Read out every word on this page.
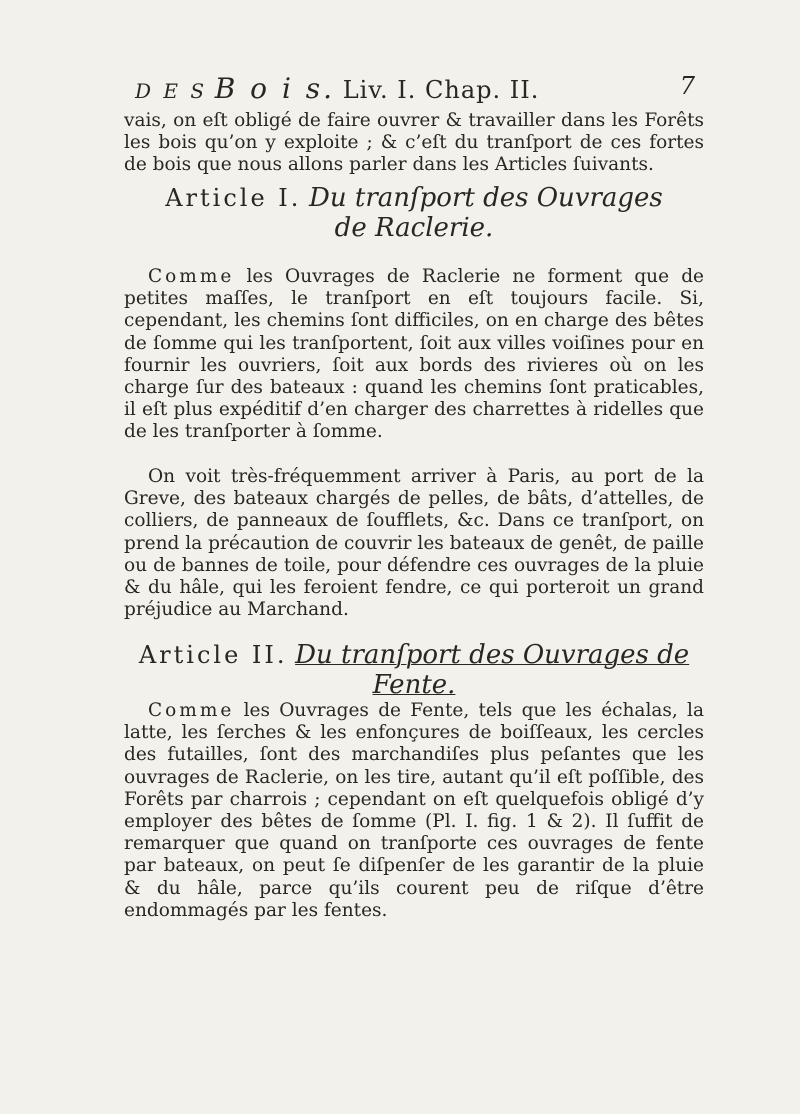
D E S B o i s. Liv. I. Chap. II.	7
vais, on eſt obligé de faire ouvrer & travailler dans les Forêts les bois qu’on y exploite ; & c’eſt du tranſport de ces fortes de bois que nous allons parler dans les Articles ſuivants.
Article I. Du tranſport des Ouvrages
de Raclerie.
Comme les Ouvrages de Raclerie ne forment que de petites maſſes, le tranſport en eſt toujours facile. Si, cependant, les chemins ſont difficiles, on en charge des bêtes de ſomme qui les tranſportent, ſoit aux villes voiſines pour en fournir les ouvriers, ſoit aux bords des rivieres où on les charge ſur des bateaux : quand les chemins ſont praticables, il eſt plus expéditif d’en charger des charrettes à ridelles que de les tranſporter à ſomme.
On voit très-fréquemment arriver à Paris, au port de la Greve, des bateaux chargés de pelles, de bâts, d’attelles, de colliers, de panneaux de ſoufflets, &c. Dans ce tranſport, on prend la précaution de couvrir les bateaux de genêt, de paille ou de bannes de toile, pour défendre ces ouvrages de la pluie & du hâle, qui les feroient fendre, ce qui porteroit un grand préjudice au Marchand.
Article II. Du tranſport des Ouvrages de Fente.
Comme les Ouvrages de Fente, tels que les échalas, la latte, les ſerches & les enfonçures de boiſſeaux, les cercles des futailles, ſont des marchandiſes plus peſantes que les ouvrages de Raclerie, on les tire, autant qu’il eſt poſſible, des Forêts par charrois ; cependant on eſt quelquefois obligé d’y employer des bêtes de ſomme (Pl. I. fig. 1 & 2). Il ſuffit de remarquer que quand on tranſporte ces ouvrages de fente par bateaux, on peut ſe diſpenſer de les garantir de la pluie & du hâle, parce qu’ils courent peu de riſque d’être endommagés par les fentes.
